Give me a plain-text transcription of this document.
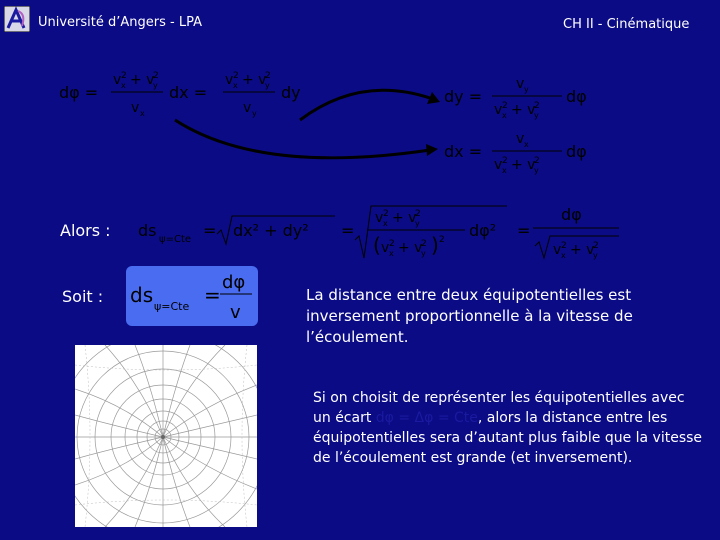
Université d’Angers - LPA	CH II - Cinématique
dφ =
v 2
x + v
2
y
v x
dx =
v 2
x + v
2
y
v y
dy	dy =
v y
v 2
x + v
2
y
dφ
dx =
v x
v 2
x + v
2
y
dφ
Alors : ds ψ=Cte = dx² + dy² =
v 2
x + v
2
y
( v 2
x + v
2
y ) 2 dφ² =
dφ
v 2
x + v
2
y
Soit : ds ψ=Cte =
dφ
v
La distance entre deux équipotentielles est inversement proportionnelle à la vitesse de l’écoulement.
Si on choisit de représenter les équipotentielles avec un écart dφ = Δφ = Cte, alors la distance entre les équipotentielles sera d’autant plus faible que la vitesse de l’écoulement est grande (et inversement).
